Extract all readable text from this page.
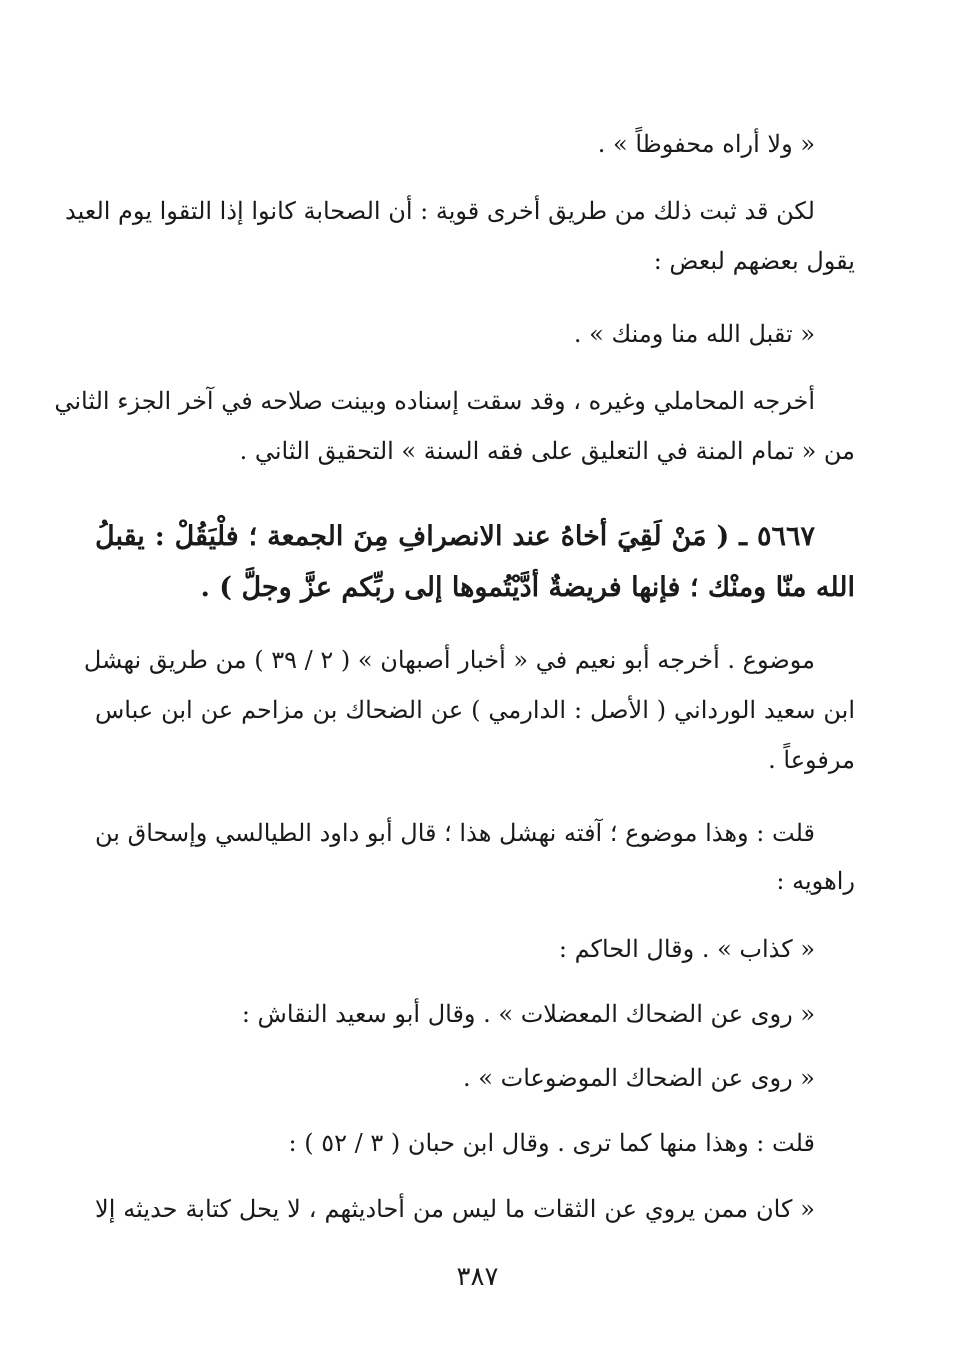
« ولا أراه محفوظاً » .
لكن قد ثبت ذلك من طريق أخرى قوية : أن الصحابة كانوا إذا التقوا يوم العيد
يقول بعضهم لبعض :
« تقبل الله منا ومنك » .
أخرجه المحاملي وغيره ، وقد سقت إسناده وبينت صلاحه في آخر الجزء الثاني
من « تمام المنة في التعليق على فقه السنة » التحقيق الثاني .
٥٦٦٧ ـ ( مَنْ لَقِيَ أخاهُ عند الانصرافِ مِنَ الجمعة ؛ فلْيَقُلْ : يقبلُ
الله منّا ومنْك ؛ فإنها فريضةٌ أدَّيْتُموها إلى ربِّكم عزَّ وجلَّ ) .
موضوع . أخرجه أبو نعيم في « أخبار أصبهان » ( ٢ / ٣٩ ) من طريق نهشل
ابن سعيد الورداني ( الأصل : الدارمي ) عن الضحاك بن مزاحم عن ابن عباس
مرفوعاً .
قلت : وهذا موضوع ؛ آفته نهشل هذا ؛ قال أبو داود الطيالسي وإسحاق بن
راهويه :
« كذاب » . وقال الحاكم :
« روى عن الضحاك المعضلات » . وقال أبو سعيد النقاش :
« روى عن الضحاك الموضوعات » .
قلت : وهذا منها كما ترى . وقال ابن حبان ( ٣ / ٥٢ ) :
« كان ممن يروي عن الثقات ما ليس من أحاديثهم ، لا يحل كتابة حديثه إلا
٣٨٧
